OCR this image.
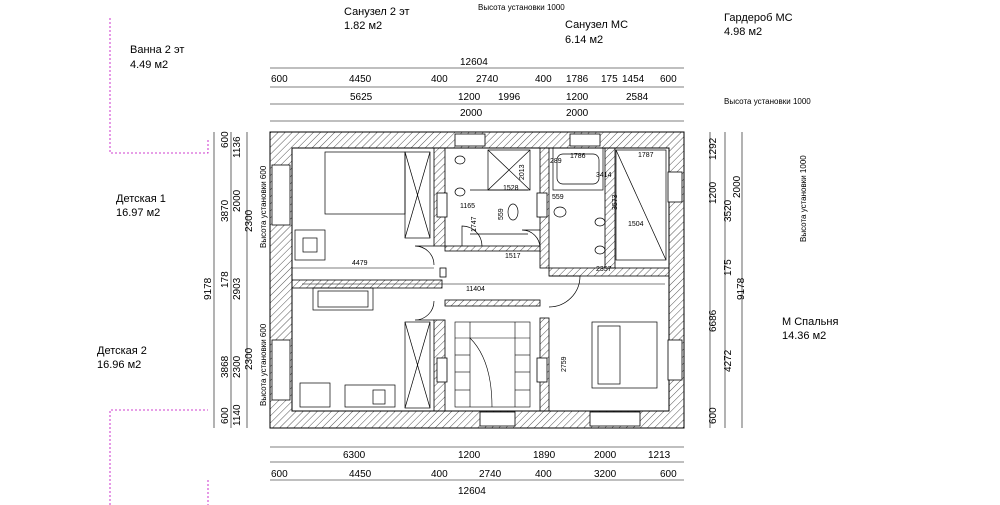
Санузел 2 эт
1.82 м2	Санузел МС
6.14 м2
Гардероб МС
4.98 м2
Ванна 2 эт
4.49 м2
Детская 1
16.97 м2
Детская 2
16.96 м2
М Спальня
14.36 м2
Высота установки 1000
Высота установки 1000
Высота установки 1000
Высота установки 600
Высота установки 600
12604
600	4450	400	2740	400 1786 175 1454 600
5625	1200 1996	1200	2584
2000	2000
6300	1200	1890	2000	1213
600	4450	400	2740	400	3200	600
12604
9178
3870
178
3868
600
2000
2903
2300
1140
600
1136
2300
2300
9178
3520
175
4272
1292
2000
6686
1200
600
4479
11404
1165
1747
1528
2013
1517
559
559
289
1786	1787
3414
3573
1504
2357
2759
